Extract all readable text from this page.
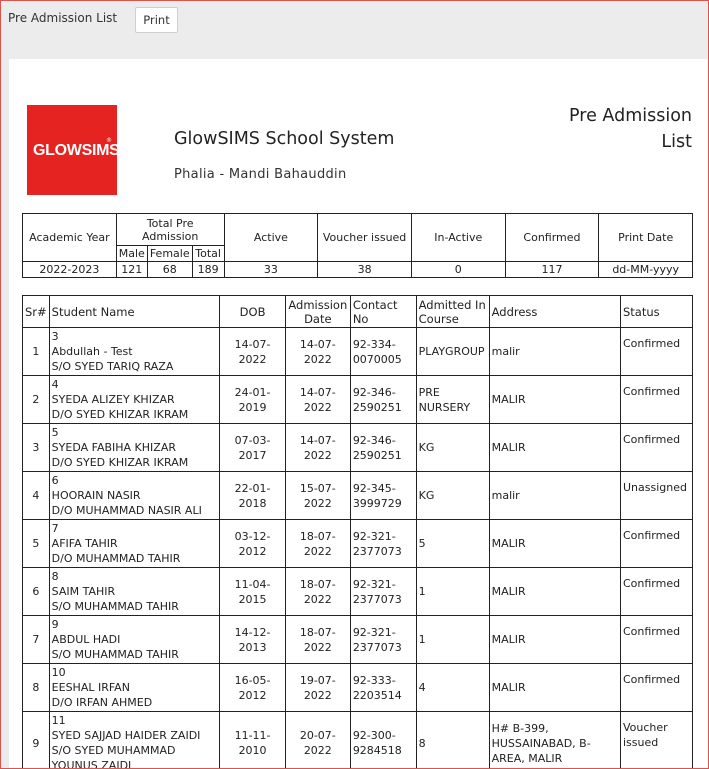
Pre Admission List	Print
GLOWSIMS
®	GlowSIMS School System
Phalia - Mandi Bahauddin
Pre Admission List
Academic Year	Total Pre Admission			Active	Voucher issued	In-Active	Confirmed	Print Date
	Male	Female	Total					
2022-2023	121	68	189	33	38	0	117	dd-MM-yyyy
Sr#	Student Name	DOB	Admission Date	Contact No	Admitted In Course	Address	Status
1	3
Abdullah - Test
S/O SYED TARIQ RAZA	14-07-2022	14-07-2022	92-334-0070005	PLAYGROUP	malir	Confirmed
2	4
SYEDA ALIZEY KHIZAR
D/O SYED KHIZAR IKRAM	24-01-2019	14-07-2022	92-346-2590251	PRE NURSERY	MALIR	Confirmed
3	5
SYEDA FABIHA KHIZAR
D/O SYED KHIZAR IKRAM	07-03-2017	14-07-2022	92-346-2590251	KG	MALIR	Confirmed
4	6
HOORAIN NASIR
D/O MUHAMMAD NASIR ALI	22-01-2018	15-07-2022	92-345-3999729	KG	malir	Unassigned
5	7
AFIFA TAHIR
D/O MUHAMMAD TAHIR	03-12-2012	18-07-2022	92-321-2377073	5	MALIR	Confirmed
6	8
SAIM TAHIR
S/O MUHAMMAD TAHIR	11-04-2015	18-07-2022	92-321-2377073	1	MALIR	Confirmed
7	9
ABDUL HADI
S/O MUHAMMAD TAHIR	14-12-2013	18-07-2022	92-321-2377073	1	MALIR	Confirmed
8	10
EESHAL IRFAN
D/O IRFAN AHMED	16-05-2012	19-07-2022	92-333-2203514	4	MALIR	Confirmed
9	11
SYED SAJJAD HAIDER ZAIDI
S/O SYED MUHAMMAD YOUNUS ZAIDI	11-11-2010	20-07-2022	92-300-9284518	8	H# B-399, HUSSAINABAD, B-AREA, MALIR	Voucher issued
